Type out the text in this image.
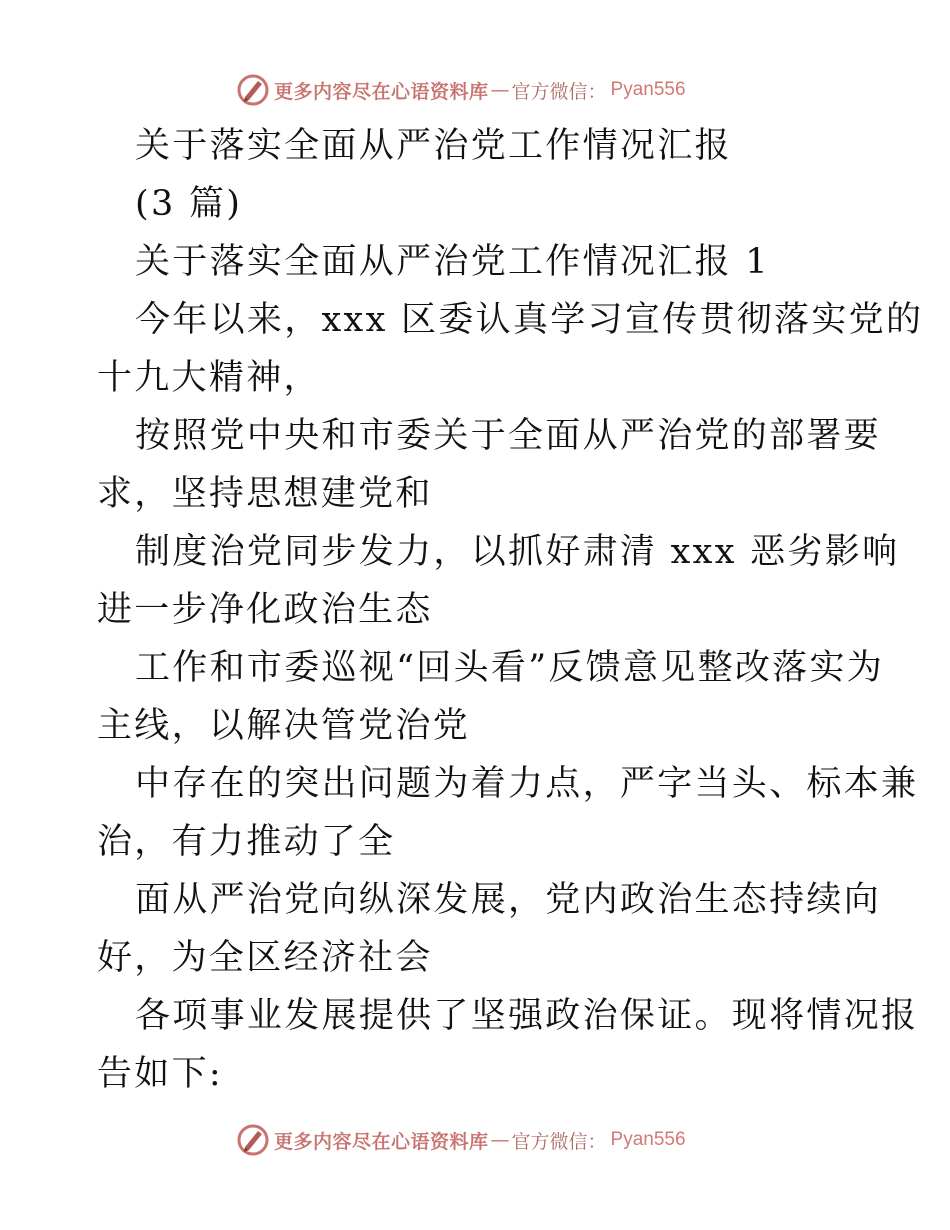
更多内容尽在心语资料库 — 官方微信 ： Pyan556
关于落实全面从严治党工作情况汇报
(3 篇)
关于落实全面从严治党工作情况汇报 1
今年以来，xxx 区委认真学习宣传贯彻落实党的
十九大精神，
按照党中央和市委关于全面从严治党的部署要
求，坚持思想建党和
制度治党同步发力，以抓好肃清 xxx 恶劣影响
进一步净化政治生态
工作和市委巡视“回头看”反馈意见整改落实为
主线，以解决管党治党
中存在的突出问题为着力点，严字当头、标本兼
治，有力推动了全
面从严治党向纵深发展，党内政治生态持续向
好，为全区经济社会
各项事业发展提供了坚强政治保证。现将情况报
告如下:
更多内容尽在心语资料库 — 官方微信 ： Pyan556
